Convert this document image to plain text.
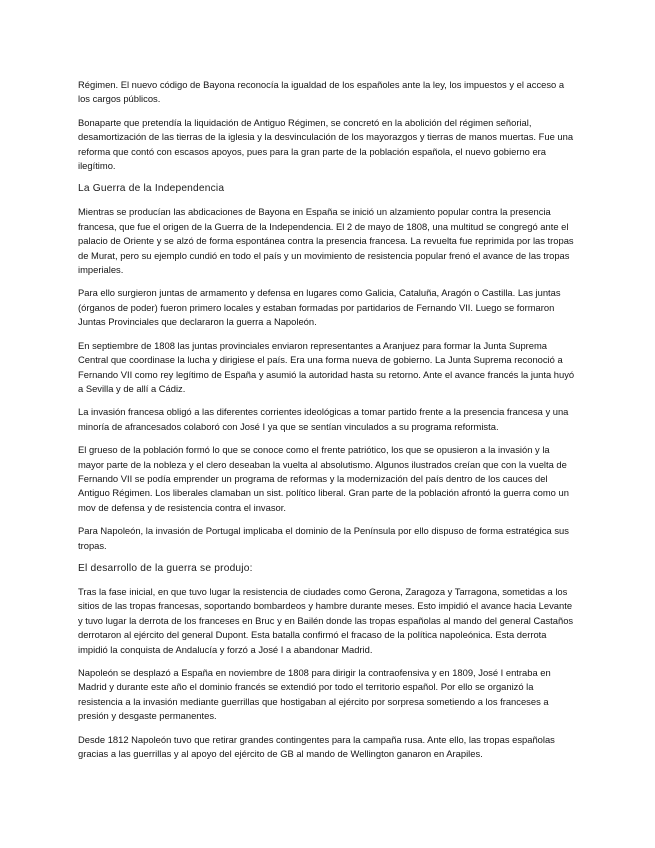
Régimen. El nuevo código de Bayona reconocía la igualdad de los españoles ante la ley, los impuestos y el acceso a los cargos públicos.

Bonaparte que pretendía la liquidación de Antiguo Régimen, se concretó en la abolición del régimen señorial, desamortización de las tierras de la iglesia y la desvinculación de los mayorazgos y tierras de manos muertas. Fue una reforma que contó con escasos apoyos, pues para la gran parte de la población española, el nuevo gobierno era ilegítimo.

La Guerra de la Independencia

Mientras se producían las abdicaciones de Bayona en España se inició un alzamiento popular contra la presencia francesa, que fue el origen de la Guerra de la Independencia. El 2 de mayo de 1808, una multitud se congregó ante el palacio de Oriente y se alzó de forma espontánea contra la presencia francesa. La revuelta fue reprimida por las tropas de Murat, pero su ejemplo cundió en todo el país y un movimiento de resistencia popular frenó el avance de las tropas imperiales.

Para ello surgieron juntas de armamento y defensa en lugares como Galicia, Cataluña, Aragón o Castilla. Las juntas (órganos de poder) fueron primero locales y estaban formadas por partidarios de Fernando VII. Luego se formaron Juntas Provinciales que declararon la guerra a Napoleón.

En septiembre de 1808 las juntas provinciales enviaron representantes a Aranjuez para formar la Junta Suprema Central que coordinase la lucha y dirigiese el país. Era una forma nueva de gobierno. La Junta Suprema reconoció a Fernando VII como rey legítimo de España y asumió la autoridad hasta su retorno. Ante el avance francés la junta huyó a Sevilla y de allí a Cádiz.

La invasión francesa obligó a las diferentes corrientes ideológicas a tomar partido frente a la presencia francesa y una minoría de afrancesados colaboró con José I ya que se sentían vinculados a su programa reformista.

El grueso de la población formó lo que se conoce como el frente patriótico, los que se opusieron a la invasión y la mayor parte de la nobleza y el clero deseaban la vuelta al absolutismo. Algunos ilustrados creían que con la vuelta de Fernando VII se podía emprender un programa de reformas y la modernización del país dentro de los cauces del Antiguo Régimen. Los liberales clamaban un sist. político liberal. Gran parte de la población afrontó la guerra como un mov de defensa y de resistencia contra el invasor.

Para Napoleón, la invasión de Portugal implicaba el dominio de la Península por ello dispuso de forma estratégica sus tropas.

El desarrollo de la guerra se produjo:

Tras la fase inicial, en que tuvo lugar la resistencia de ciudades como Gerona, Zaragoza y Tarragona, sometidas a los sitios de las tropas francesas, soportando bombardeos y hambre durante meses. Esto impidió el avance hacia Levante y tuvo lugar la derrota de los franceses en Bruc y en Bailén donde las tropas españolas al mando del general Castaños derrotaron al ejército del general Dupont. Esta batalla confirmó el fracaso de la política napoleónica. Esta derrota impidió la conquista de Andalucía y forzó a José I a abandonar Madrid.

Napoleón se desplazó a España en noviembre de 1808 para dirigir la contraofensiva y en 1809, José I entraba en Madrid y durante este año el dominio francés se extendió por todo el territorio español. Por ello se organizó la resistencia a la invasión mediante guerrillas que hostigaban al ejército por sorpresa sometiendo a los franceses a presión y desgaste permanentes.

Desde 1812 Napoleón tuvo que retirar grandes contingentes para la campaña rusa. Ante ello, las tropas españolas gracias a las guerrillas y al apoyo del ejército de GB al mando de Wellington ganaron en Arapiles.
